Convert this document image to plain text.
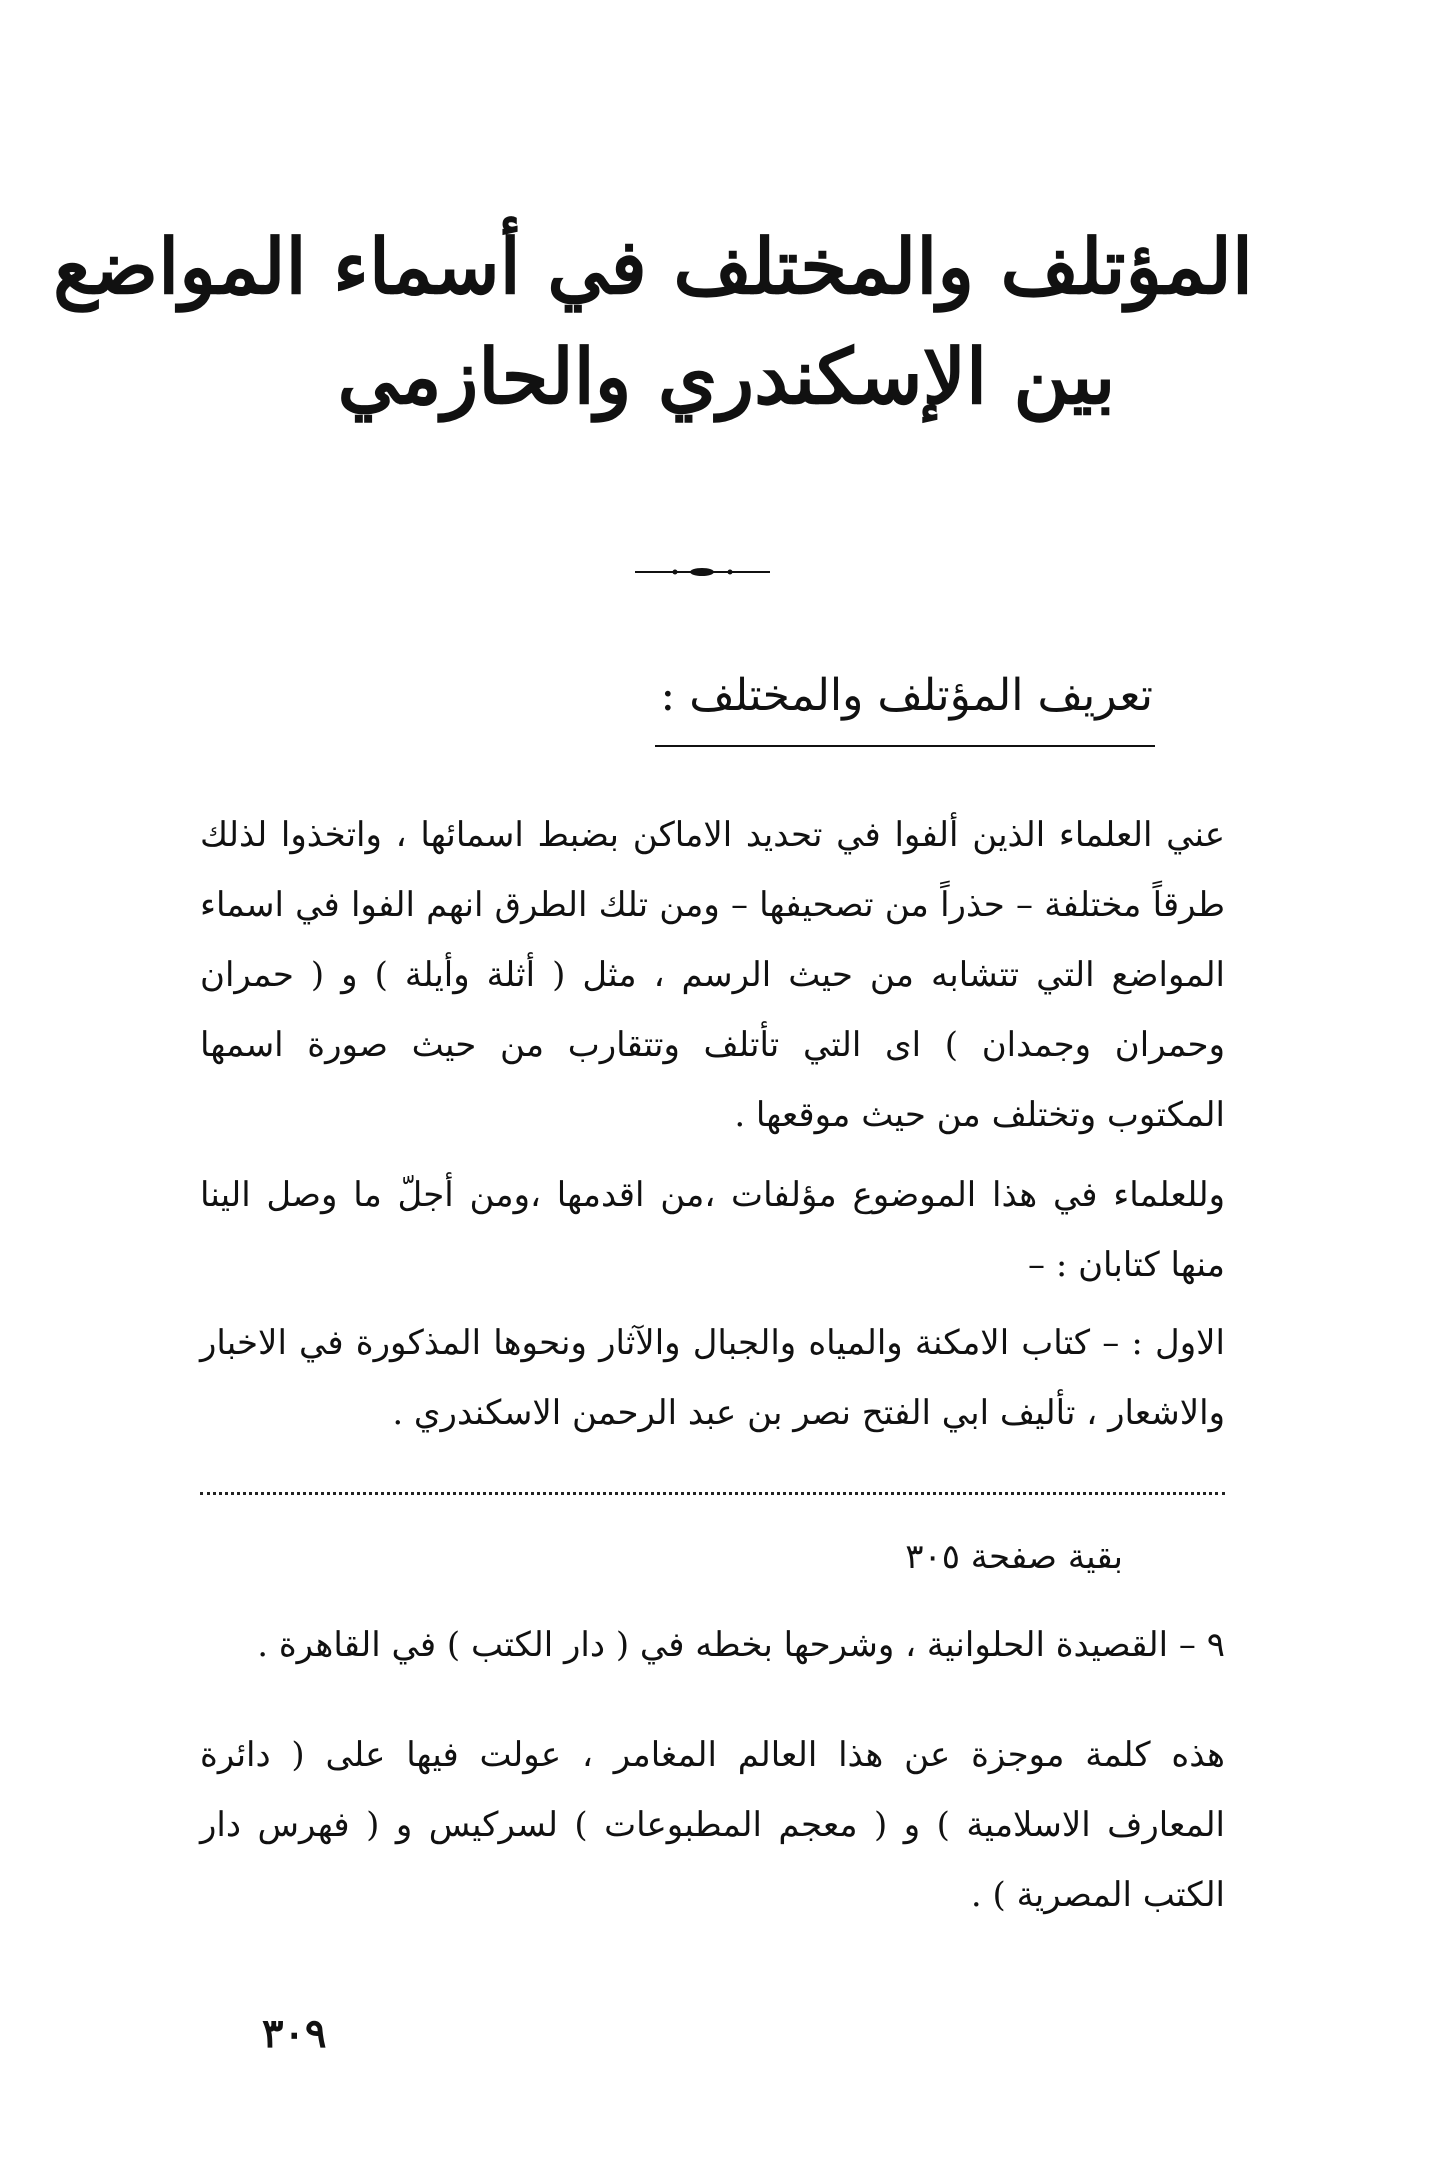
المؤتلف والمختلف في أسماء المواضع
بين الإسكندري والحازمي
تعريف المؤتلف والمختلف :
عني العلماء الذين ألفوا في تحديد الاماكن بضبط اسمائها ، واتخذوا لذلك طرقاً مختلفة – حذراً من تصحيفها – ومن تلك الطرق انهم الفوا في اسماء المواضع التي تتشابه من حيث الرسم ، مثل ( أثلة وأيلة ) و ( حمران وحمران وجمدان ) اى التي تأتلف وتتقارب من حيث صورة اسمها المكتوب وتختلف من حيث موقعها .
وللعلماء في هذا الموضوع مؤلفات ،من اقدمها ،ومن أجلّ ما وصل الينا منها كتابان : –
الاول : – كتاب الامكنة والمياه والجبال والآثار ونحوها المذكورة في الاخبار والاشعار ، تأليف ابي الفتح نصر بن عبد الرحمن الاسكندري .
بقية صفحة ٣٠٥
٩ – القصيدة الحلوانية ، وشرحها بخطه في ( دار الكتب ) في القاهرة .
هذه كلمة موجزة عن هذا العالم المغامر ، عولت فيها على ( دائرة المعارف الاسلامية ) و ( معجم المطبوعات ) لسركيس و ( فهرس دار الكتب المصرية ) .
٣٠٩
